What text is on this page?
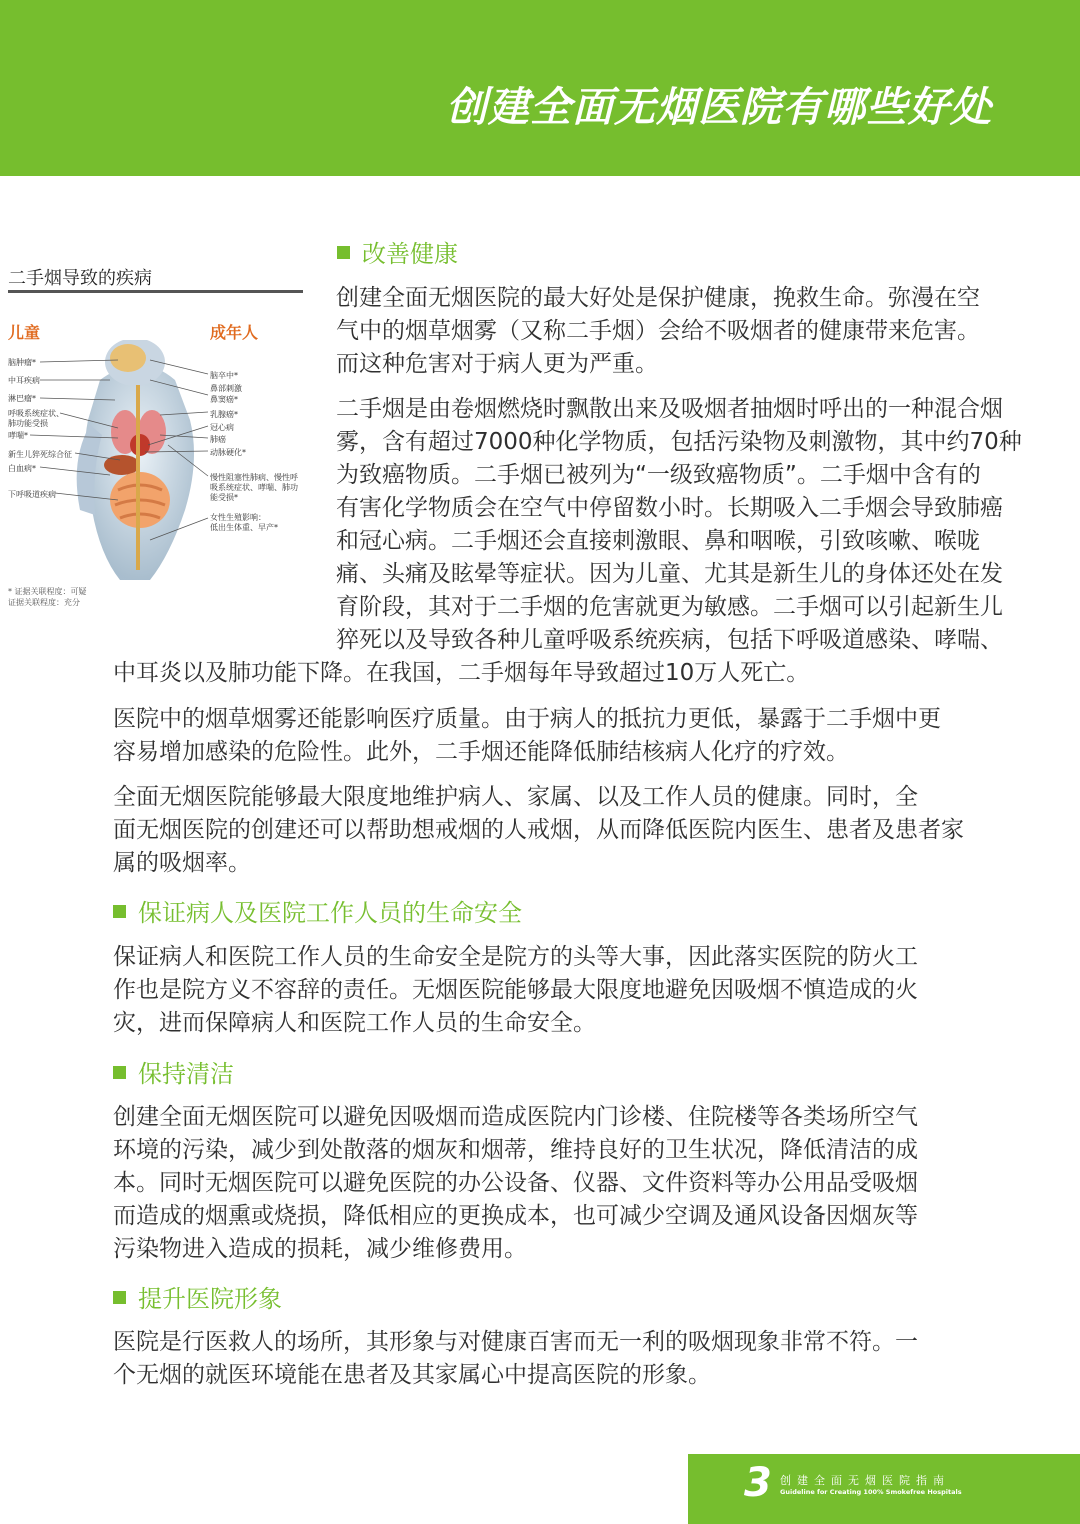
创建全面无烟医院有哪些好处
二手烟导致的疾病
儿童	成年人
脑肿瘤*
中耳疾病
淋巴瘤*
呼吸系统症状、
肺功能受损
哮喘*
新生儿猝死综合征
白血病*
下呼吸道疾病
脑卒中*
鼻部刺激
鼻窦癌*
乳腺癌*
冠心病
肺癌
动脉硬化*
慢性阻塞性肺病、慢性呼
吸系统症状、哮喘、肺功
能受损*
女性生殖影响：
低出生体重、早产*
* 证据关联程度：可疑
证据关联程度：充分
改善健康
创建全面无烟医院的最大好处是保护健康，挽救生命。弥漫在空
气中的烟草烟雾（又称二手烟）会给不吸烟者的健康带来危害。
而这种危害对于病人更为严重。
二手烟是由卷烟燃烧时飘散出来及吸烟者抽烟时呼出的一种混合烟
雾，含有超过7000种化学物质，包括污染物及刺激物，其中约70种
为致癌物质。二手烟已被列为“一级致癌物质”。二手烟中含有的
有害化学物质会在空气中停留数小时。长期吸入二手烟会导致肺癌
和冠心病。二手烟还会直接刺激眼、鼻和咽喉，引致咳嗽、喉咙
痛、头痛及眩晕等症状。因为儿童、尤其是新生儿的身体还处在发
育阶段，其对于二手烟的危害就更为敏感。二手烟可以引起新生儿
猝死以及导致各种儿童呼吸系统疾病，包括下呼吸道感染、哮喘、
中耳炎以及肺功能下降。在我国，二手烟每年导致超过10万人死亡。
医院中的烟草烟雾还能影响医疗质量。由于病人的抵抗力更低，暴露于二手烟中更
容易增加感染的危险性。此外，二手烟还能降低肺结核病人化疗的疗效。
全面无烟医院能够最大限度地维护病人、家属、以及工作人员的健康。同时，全
面无烟医院的创建还可以帮助想戒烟的人戒烟，从而降低医院内医生、患者及患者家
属的吸烟率。
保证病人及医院工作人员的生命安全
保证病人和医院工作人员的生命安全是院方的头等大事，因此落实医院的防火工
作也是院方义不容辞的责任。无烟医院能够最大限度地避免因吸烟不慎造成的火
灾，进而保障病人和医院工作人员的生命安全。
保持清洁
创建全面无烟医院可以避免因吸烟而造成医院内门诊楼、住院楼等各类场所空气
环境的污染，减少到处散落的烟灰和烟蒂，维持良好的卫生状况，降低清洁的成
本。同时无烟医院可以避免医院的办公设备、仪器、文件资料等办公用品受吸烟
而造成的烟熏或烧损，降低相应的更换成本，也可减少空调及通风设备因烟灰等
污染物进入造成的损耗，减少维修费用。
提升医院形象
医院是行医救人的场所，其形象与对健康百害而无一利的吸烟现象非常不符。一
个无烟的就医环境能在患者及其家属心中提高医院的形象。
3 创建全面无烟医院指南
Guideline for Creating 100% Smokefree Hospitals
